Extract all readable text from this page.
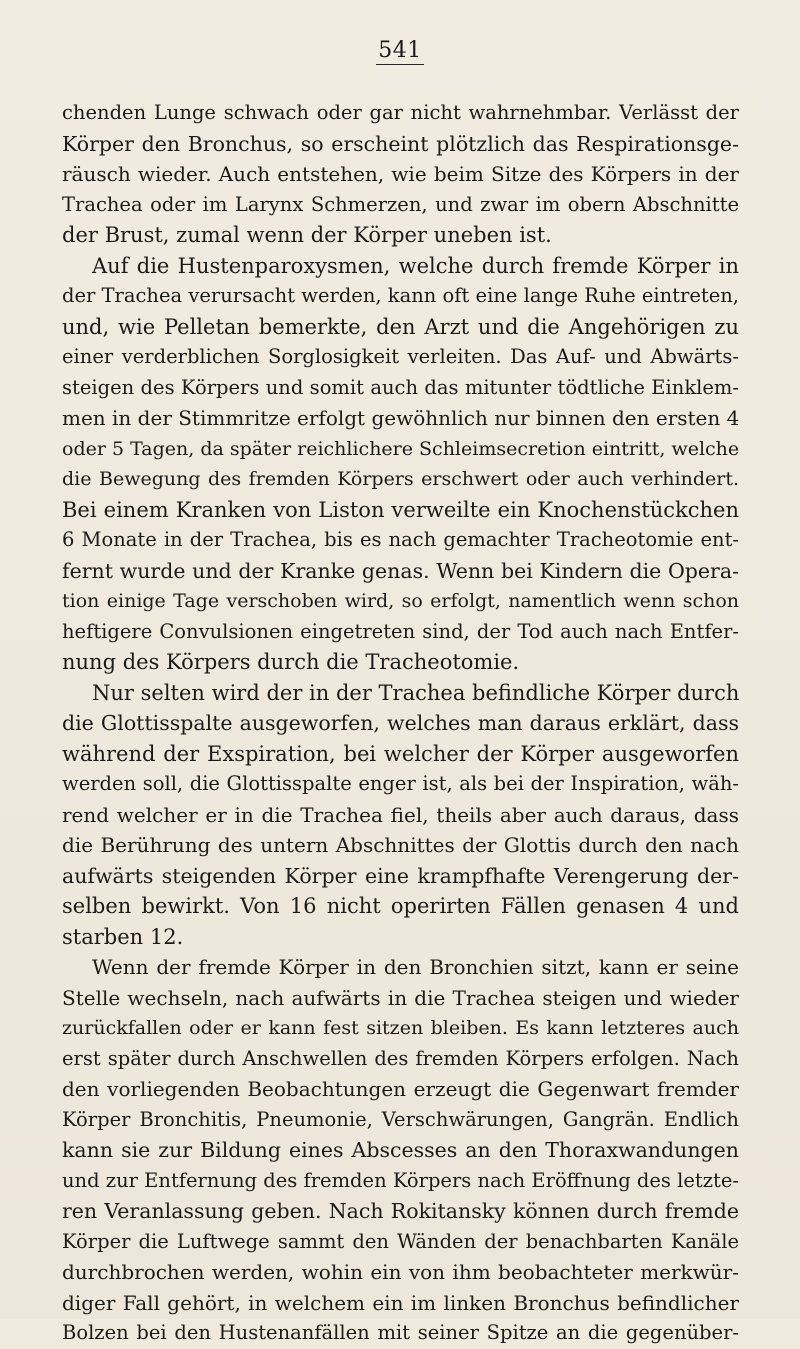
541
chenden Lunge schwach oder gar nicht wahrnehmbar. Verlässt der
Körper den Bronchus, so erscheint plötzlich das Respirationsge-
räusch wieder. Auch entstehen, wie beim Sitze des Körpers in der
Trachea oder im Larynx Schmerzen, und zwar im obern Abschnitte
der Brust, zumal wenn der Körper uneben ist.
Auf die Hustenparoxysmen, welche durch fremde Körper in
der Trachea verursacht werden, kann oft eine lange Ruhe eintreten,
und, wie Pelletan bemerkte, den Arzt und die Angehörigen zu
einer verderblichen Sorglosigkeit verleiten. Das Auf- und Abwärts-
steigen des Körpers und somit auch das mitunter tödtliche Einklem-
men in der Stimmritze erfolgt gewöhnlich nur binnen den ersten 4
oder 5 Tagen, da später reichlichere Schleimsecretion eintritt, welche
die Bewegung des fremden Körpers erschwert oder auch verhindert.
Bei einem Kranken von Liston verweilte ein Knochenstückchen
6 Monate in der Trachea, bis es nach gemachter Tracheotomie ent-
fernt wurde und der Kranke genas. Wenn bei Kindern die Opera-
tion einige Tage verschoben wird, so erfolgt, namentlich wenn schon
heftigere Convulsionen eingetreten sind, der Tod auch nach Entfer-
nung des Körpers durch die Tracheotomie.
Nur selten wird der in der Trachea befindliche Körper durch
die Glottisspalte ausgeworfen, welches man daraus erklärt, dass
während der Exspiration, bei welcher der Körper ausgeworfen
werden soll, die Glottisspalte enger ist, als bei der Inspiration, wäh-
rend welcher er in die Trachea fiel, theils aber auch daraus, dass
die Berührung des untern Abschnittes der Glottis durch den nach
aufwärts steigenden Körper eine krampfhafte Verengerung der-
selben bewirkt. Von 16 nicht operirten Fällen genasen 4 und
starben 12.
Wenn der fremde Körper in den Bronchien sitzt, kann er seine
Stelle wechseln, nach aufwärts in die Trachea steigen und wieder
zurückfallen oder er kann fest sitzen bleiben. Es kann letzteres auch
erst später durch Anschwellen des fremden Körpers erfolgen. Nach
den vorliegenden Beobachtungen erzeugt die Gegenwart fremder
Körper Bronchitis, Pneumonie, Verschwärungen, Gangrän. Endlich
kann sie zur Bildung eines Abscesses an den Thoraxwandungen
und zur Entfernung des fremden Körpers nach Eröffnung des letzte-
ren Veranlassung geben. Nach Rokitansky können durch fremde
Körper die Luftwege sammt den Wänden der benachbarten Kanäle
durchbrochen werden, wohin ein von ihm beobachteter merkwür-
diger Fall gehört, in welchem ein im linken Bronchus befindlicher
Bolzen bei den Hustenanfällen mit seiner Spitze an die gegenüber-
